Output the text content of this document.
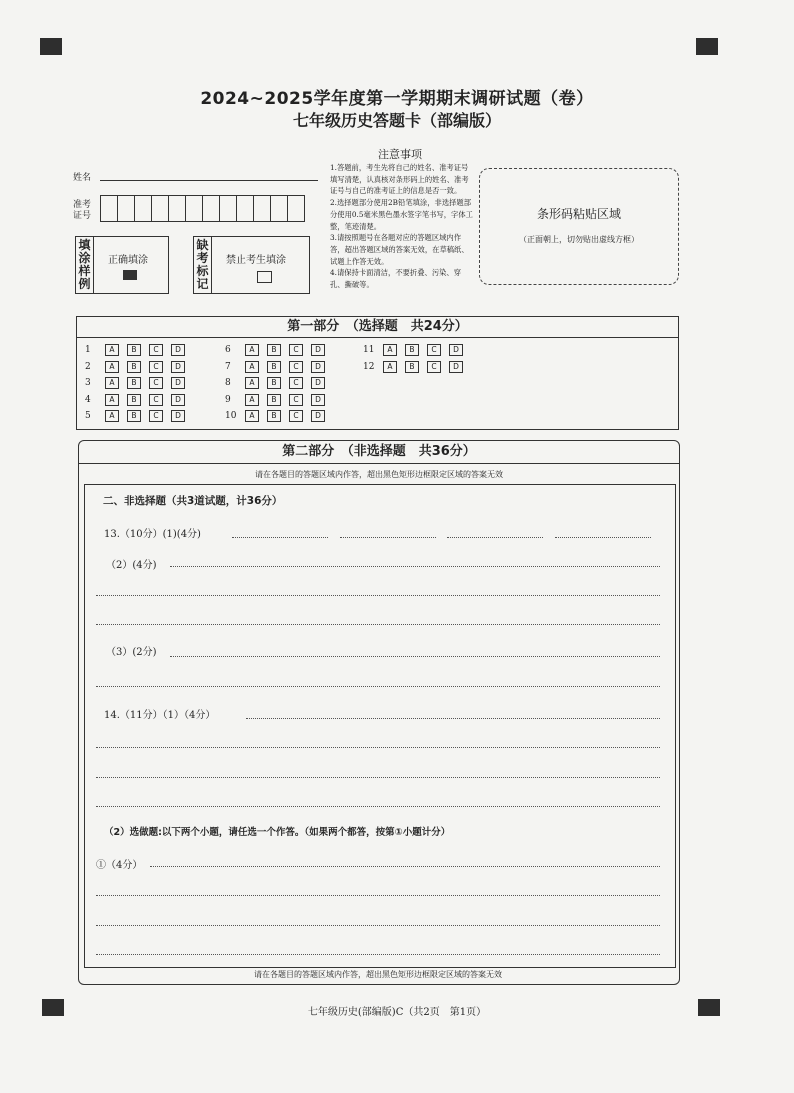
2024~2025学年度第一学期期末调研试题（卷）
七年级历史答题卡（部编版）
姓名
准考
证号
填
涂
样
例
正确填涂
缺
考
标
记
禁止考生填涂
注意事项
1.答题前，考生先将自己的姓名、准考证号填写清楚，认真核对条形码上的姓名、准考证号与自己的准考证上的信息是否一致。
2.选择题部分使用2B铅笔填涂，非选择题部分使用0.5毫米黑色墨水签字笔书写，字体工整，笔迹清楚。
3.请按照题号在各题对应的答题区域内作答，超出答题区域的答案无效，在草稿纸、试题上作答无效。
4.请保持卡面清洁，不要折叠、污染、穿孔、撕破等。
条形码粘贴区域
（正面朝上，切勿贴出虚线方框）
第一部分　（选择题　共24分）
1	A	B	C	D
2	A	B	C	D
3	A	B	C	D
4	A	B	C	D
5	A	B	C	D
6	A	B	C	D
7	A	B	C	D
8	A	B	C	D
9	A	B	C	D
10	A	B	C	D
11	A	B	C	D
12	A	B	C	D
第二部分　（非选择题　共36分）
请在各题目的答题区域内作答，超出黑色矩形边框限定区域的答案无效
二、非选择题（共3道试题，计36分）
13.（10分）(1)(4分)
（2）(4分)
（3）(2分)
14.（11分）（1）（4分）
（2）选做题:以下两个小题，请任选一个作答。（如果两个都答，按第①小题计分）
①（4分）
请在各题目的答题区域内作答，超出黑色矩形边框限定区域的答案无效
七年级历史(部编版)C（共2页　第1页）
